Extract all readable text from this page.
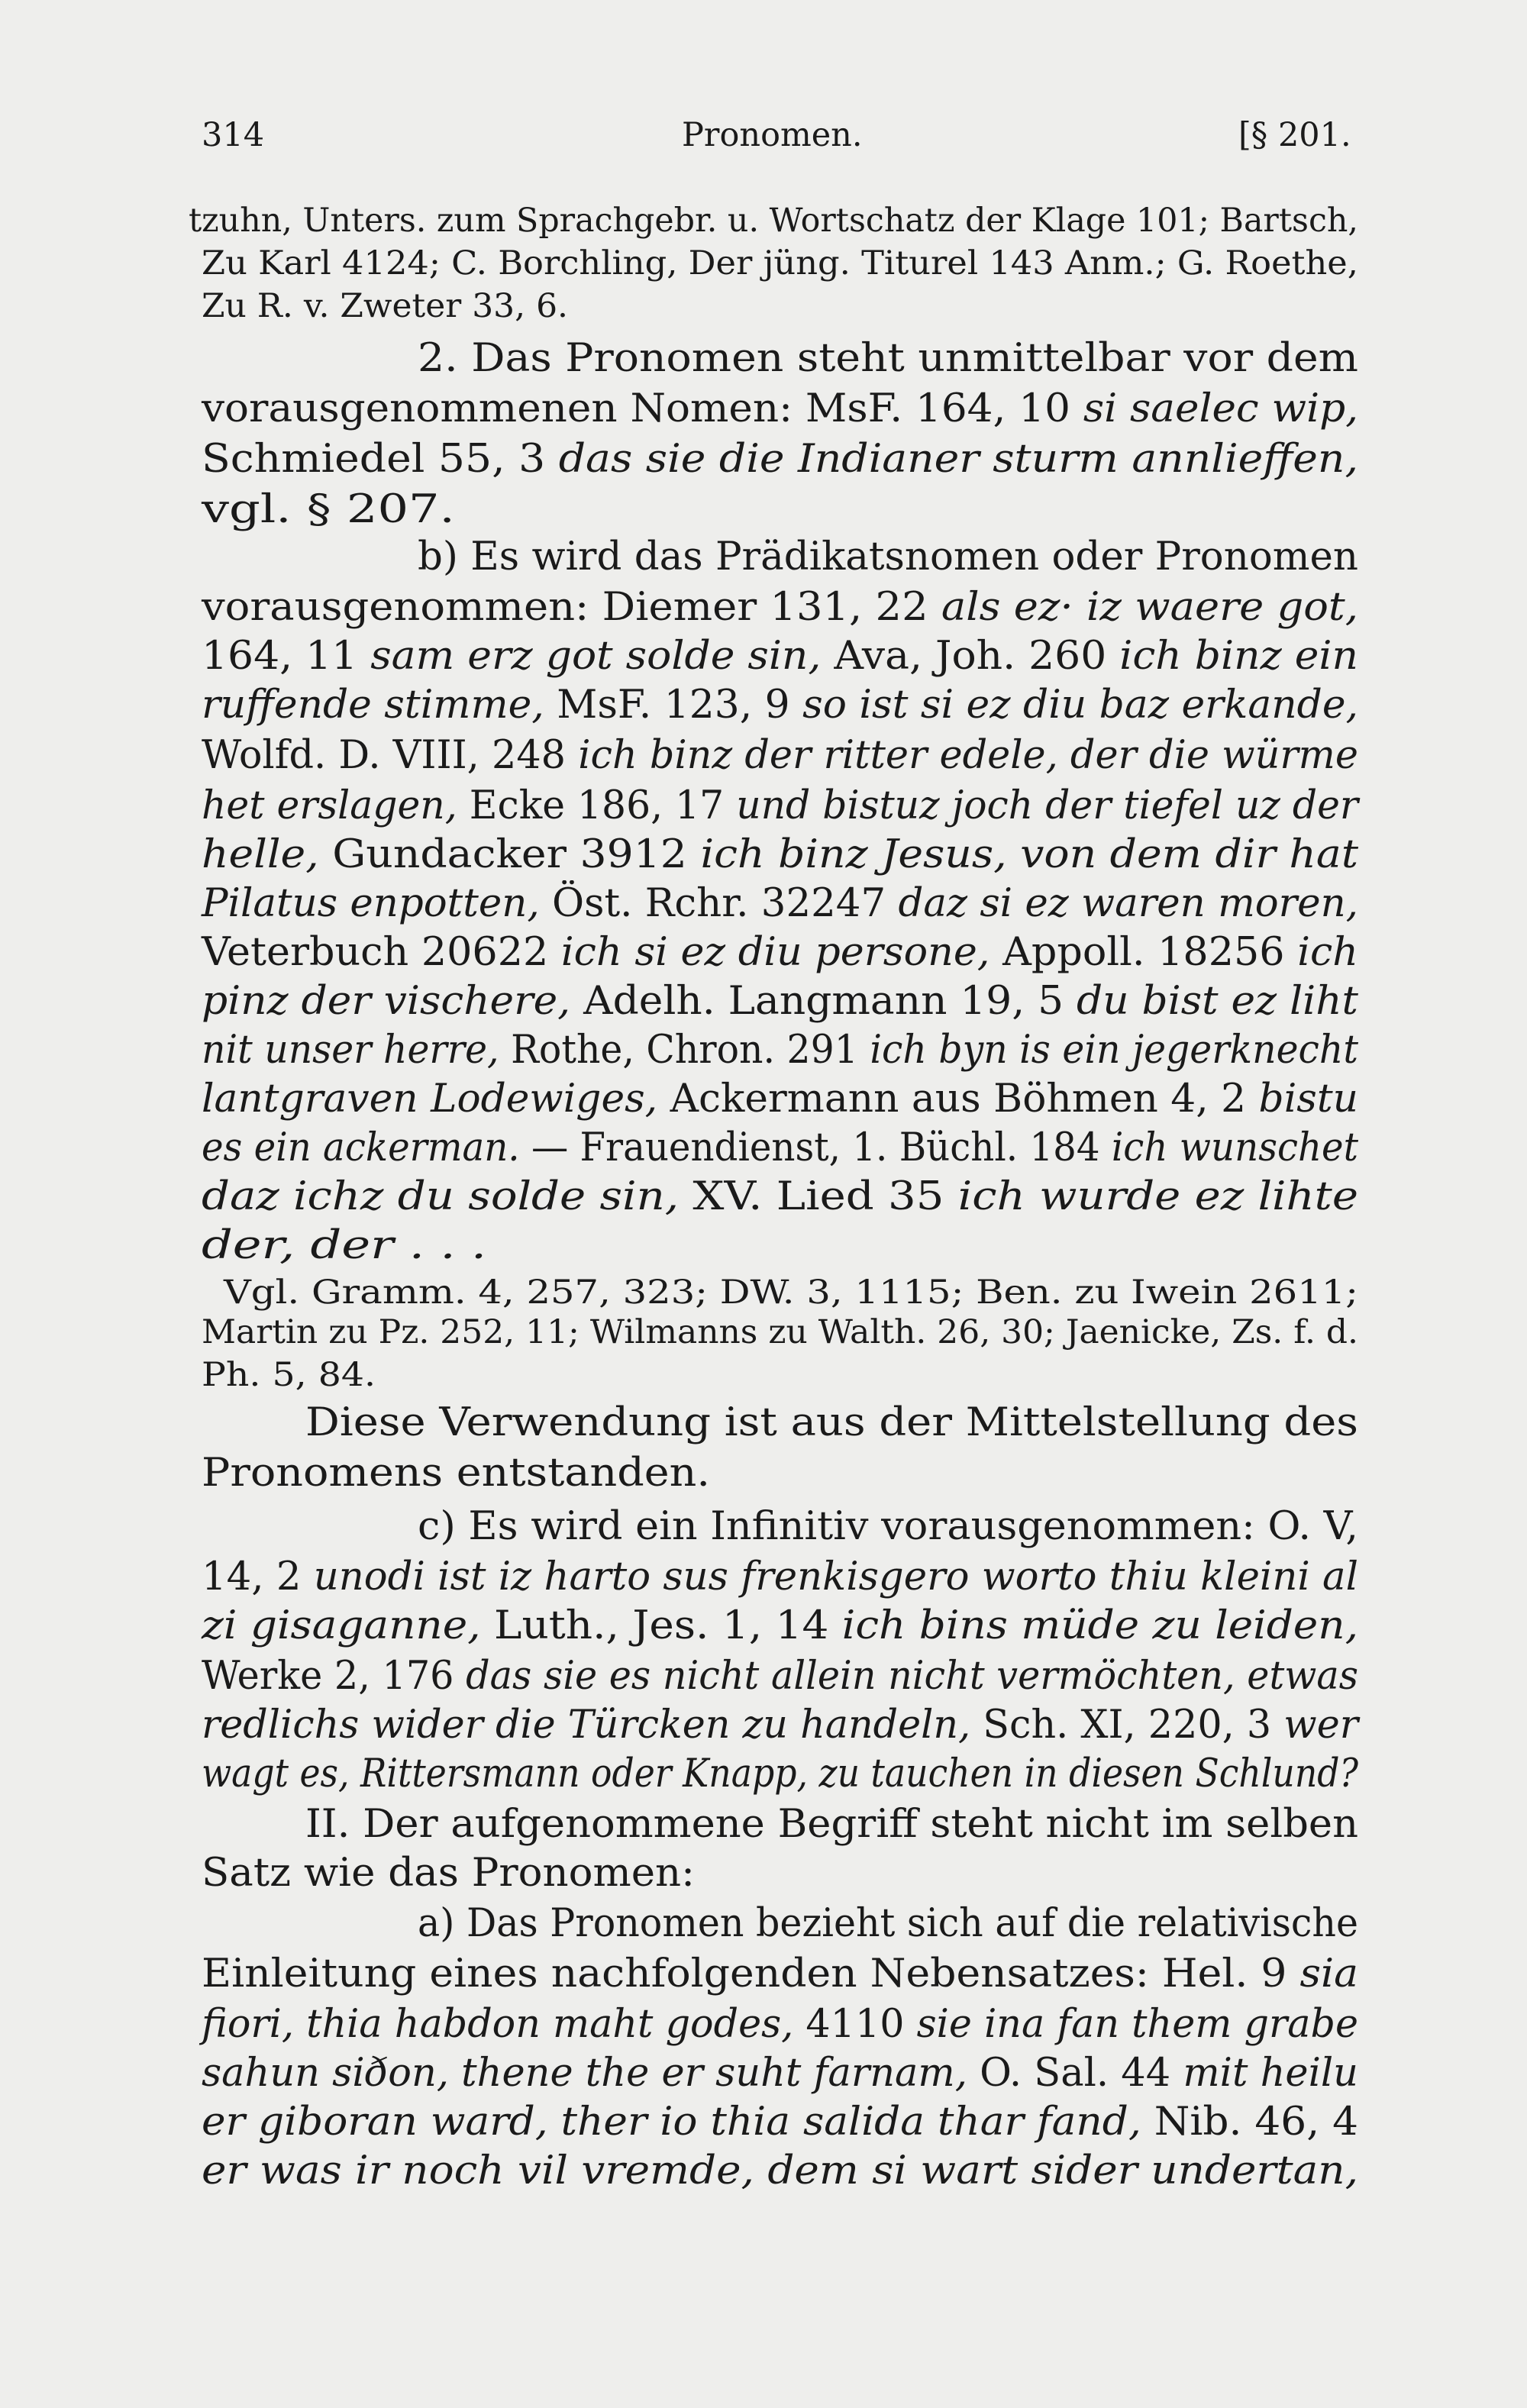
314	Pronomen.	[§ 201.
tzuhn, Unters. zum Sprachgebr. u. Wortschatz der Klage 101; Bartsch,
Zu Karl 4124; C. Borchling, Der jüng. Titurel 143 Anm.; G. Roethe,
Zu R. v. Zweter 33, 6.
2. Das Pronomen steht unmittelbar vor dem
vorausgenommenen Nomen: MsF. 164, 10 si saelec wip,
Schmiedel 55, 3 das sie die Indianer sturm annlieffen,
vgl. § 207.
b) Es wird das Prädikatsnomen oder Pronomen
vorausgenommen: Diemer 131, 22 als ez· iz waere got,
164, 11 sam erz got solde sin, Ava, Joh. 260 ich binz ein
ruffende stimme, MsF. 123, 9 so ist si ez diu baz erkande,
Wolfd. D. VIII, 248 ich binz der ritter edele, der die würme
het erslagen, Ecke 186, 17 und bistuz joch der tiefel uz der
helle, Gundacker 3912 ich binz Jesus, von dem dir hat
Pilatus enpotten, Öst. Rchr. 32247 daz si ez waren moren,
Veterbuch 20622 ich si ez diu persone, Appoll. 18256 ich
pinz der vischere, Adelh. Langmann 19, 5 du bist ez liht
nit unser herre, Rothe, Chron. 291 ich byn is ein jegerknecht
lantgraven Lodewiges, Ackermann aus Böhmen 4, 2 bistu
es ein ackerman. — Frauendienst, 1. Büchl. 184 ich wunschet
daz ichz du solde sin, XV. Lied 35 ich wurde ez lihte
der, der . . .
Vgl. Gramm. 4, 257, 323; DW. 3, 1115; Ben. zu Iwein 2611;
Martin zu Pz. 252, 11; Wilmanns zu Walth. 26, 30; Jaenicke, Zs. f. d.
Ph. 5, 84.
Diese Verwendung ist aus der Mittelstellung des
Pronomens entstanden.
c) Es wird ein Infinitiv vorausgenommen: O. V,
14, 2 unodi ist iz harto sus frenkisgero worto thiu kleini al
zi gisaganne, Luth., Jes. 1, 14 ich bins müde zu leiden,
Werke 2, 176 das sie es nicht allein nicht vermöchten, etwas
redlichs wider die Türcken zu handeln, Sch. XI, 220, 3 wer
wagt es, Rittersmann oder Knapp, zu tauchen in diesen Schlund?
II. Der aufgenommene Begriff steht nicht im selben
Satz wie das Pronomen:
a) Das Pronomen bezieht sich auf die relativische
Einleitung eines nachfolgenden Nebensatzes: Hel. 9 sia
fiori, thia habdon maht godes, 4110 sie ina fan them grabe
sahun siðon, thene the er suht farnam, O. Sal. 44 mit heilu
er giboran ward, ther io thia salida thar fand, Nib. 46, 4
er was ir noch vil vremde, dem si wart sider undertan,
